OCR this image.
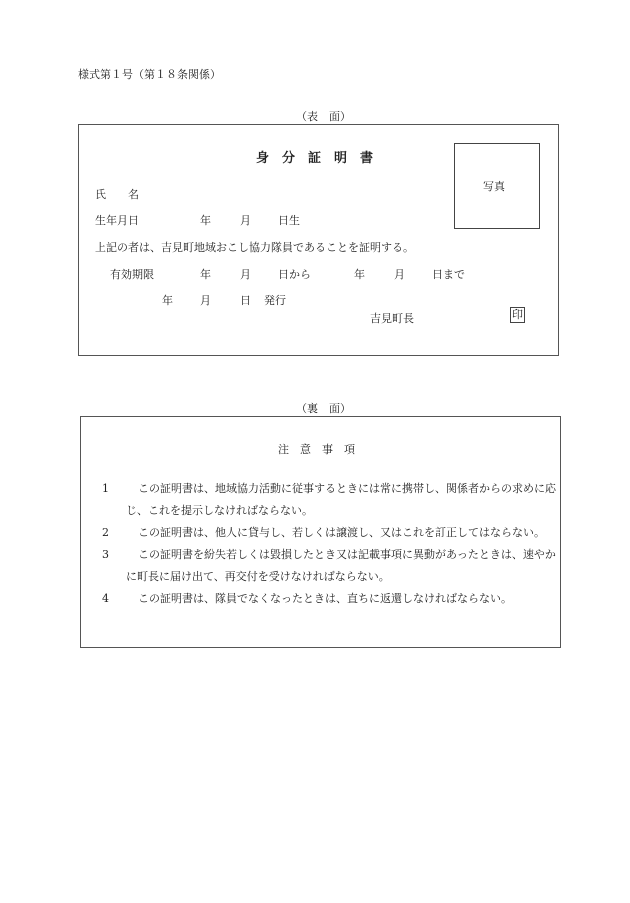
様式第１号（第１８条関係）
（表　面）
身　分　証　明　書
写真
氏　　名
生年月日	年	月 日生
上記の者は、吉見町地域おこし協力隊員であることを証明する。
有効期限	年	月 日から	年	月 日まで
年 月	日 発行
吉見町長	印
（裏　面）
注　意　事　項
1	この証明書は、地域協力活動に従事するときには常に携帯し、関係者からの求めに応じ、これを提示しなければならない。
2	この証明書は、他人に貸与し、若しくは譲渡し、又はこれを訂正してはならない。
3	この証明書を紛失若しくは毀損したとき又は記載事項に異動があったときは、速やかに町長に届け出て、再交付を受けなければならない。
4	この証明書は、隊員でなくなったときは、直ちに返還しなければならない。
